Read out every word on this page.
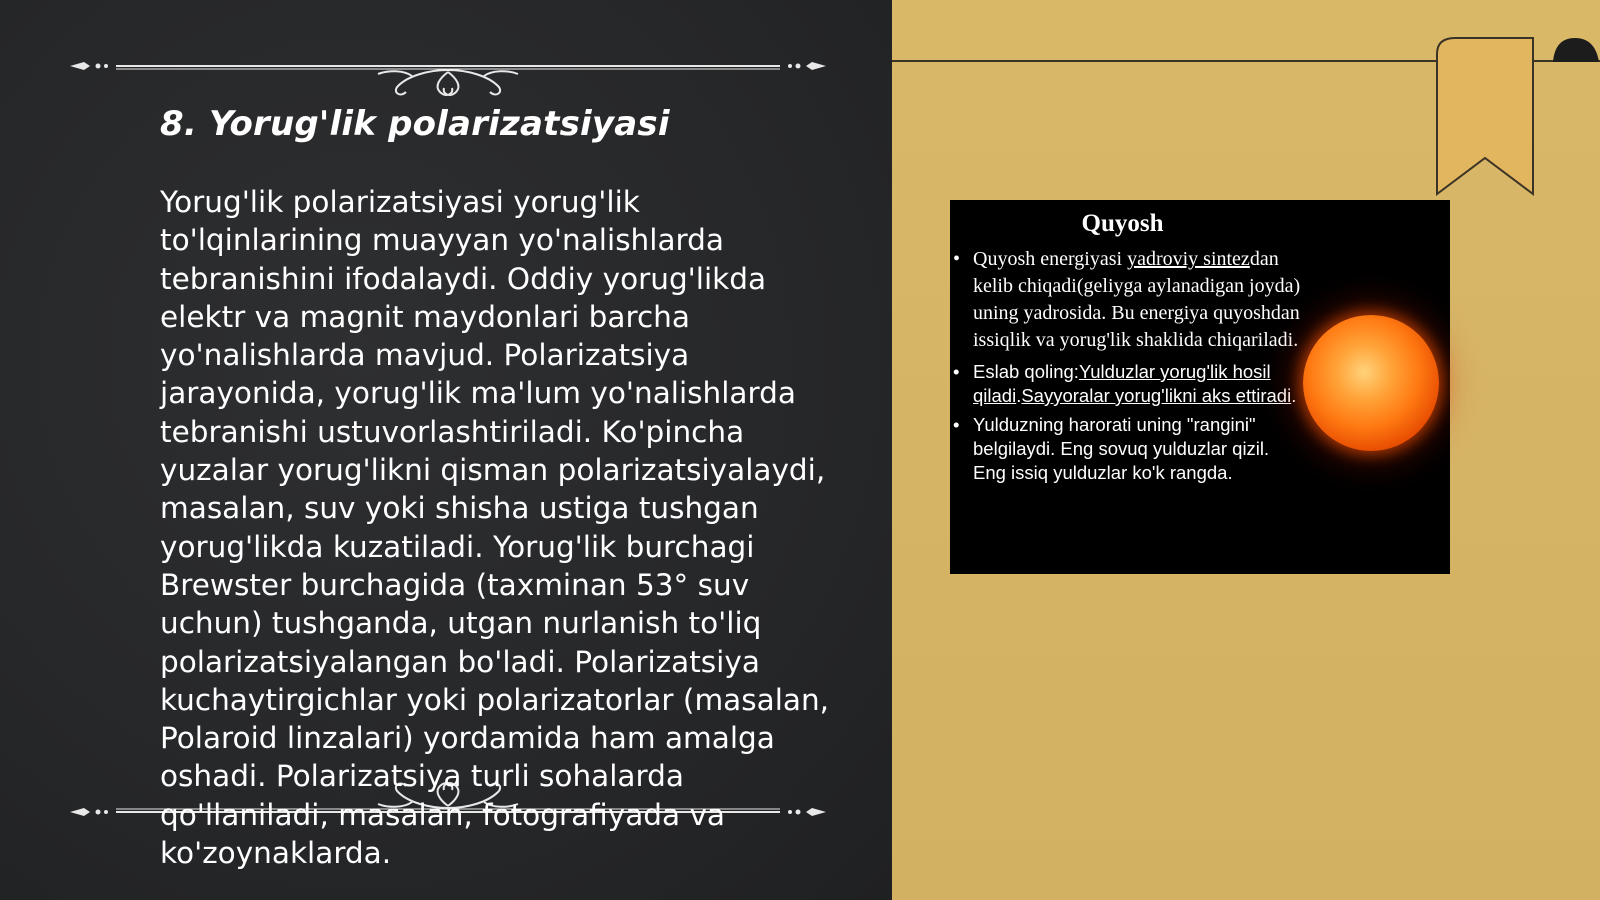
8. Yorug'lik polarizatsiyasi

Yorug'lik polarizatsiyasi yorug'lik to'lqinlarining muayyan yo'nalishlarda tebranishini ifodalaydi. Oddiy yorug'likda elektr va magnit maydonlari barcha yo'nalishlarda mavjud. Polarizatsiya jarayonida, yorug'lik ma'lum yo'nalishlarda tebranishi ustuvorlashtiriladi. Ko'pincha yuzalar yorug'likni qisman polarizatsiyalaydi, masalan, suv yoki shisha ustiga tushgan yorug'likda kuzatiladi. Yorug'lik burchagi Brewster burchagida (taxminan 53° suv uchun) tushganda, utgan nurlanish to'liq polarizatsiyalangan bo'ladi. Polarizatsiya kuchaytirgichlar yoki polarizatorlar (masalan, Polaroid linzalari) yordamida ham amalga oshadi. Polarizatsiya turli sohalarda qo'llaniladi, masalan, fotografiyada va ko'zoynaklarda.

Quyosh
• Quyosh energiyasi yadroviy sintezdan kelib chiqadi(geliyga aylanadigan joyda) uning yadrosida. Bu energiya quyoshdan issiqlik va yorug'lik shaklida chiqariladi.
• Eslab qoling:Yulduzlar yorug'lik hosil qiladi.Sayyoralar yorug'likni aks ettiradi.
• Yulduzning harorati uning "rangini" belgilaydi. Eng sovuq yulduzlar qizil. Eng issiq yulduzlar ko'k rangda.
